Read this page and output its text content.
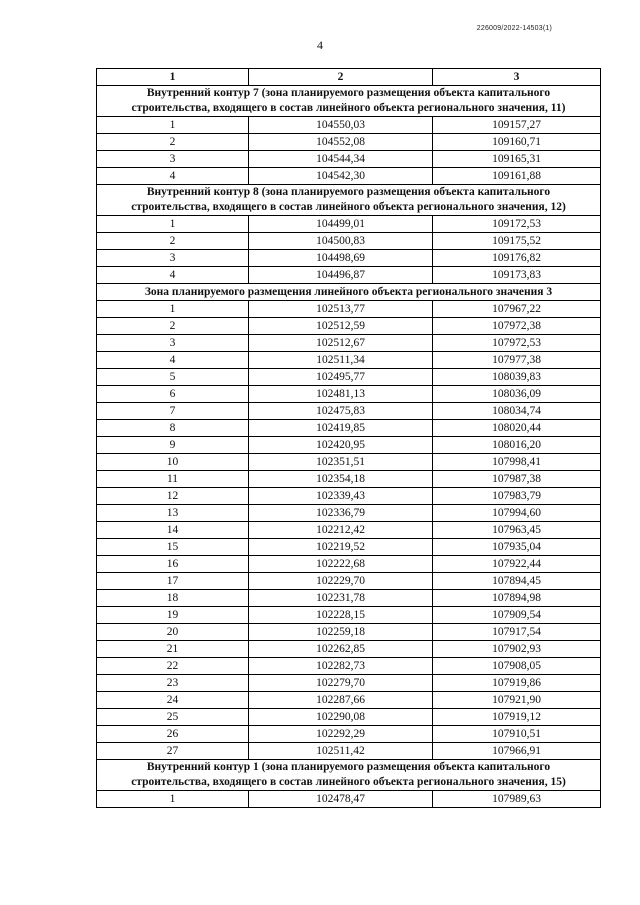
226009/2022-14503(1)
4
1	2	3
Внутренний контур 7 (зона планируемого размещения объекта капитального
строительства, входящего в состав линейного объекта регионального значения, 11)		
1	104550,03	109157,27
2	104552,08	109160,71
3	104544,34	109165,31
4	104542,30	109161,88
Внутренний контур 8 (зона планируемого размещения объекта капитального
строительства, входящего в состав линейного объекта регионального значения, 12)		
1	104499,01	109172,53
2	104500,83	109175,52
3	104498,69	109176,82
4	104496,87	109173,83
Зона планируемого размещения линейного объекта регионального значения 3		
1	102513,77	107967,22
2	102512,59	107972,38
3	102512,67	107972,53
4	102511,34	107977,38
5	102495,77	108039,83
6	102481,13	108036,09
7	102475,83	108034,74
8	102419,85	108020,44
9	102420,95	108016,20
10	102351,51	107998,41
11	102354,18	107987,38
12	102339,43	107983,79
13	102336,79	107994,60
14	102212,42	107963,45
15	102219,52	107935,04
16	102222,68	107922,44
17	102229,70	107894,45
18	102231,78	107894,98
19	102228,15	107909,54
20	102259,18	107917,54
21	102262,85	107902,93
22	102282,73	107908,05
23	102279,70	107919,86
24	102287,66	107921,90
25	102290,08	107919,12
26	102292,29	107910,51
27	102511,42	107966,91
Внутренний контур 1 (зона планируемого размещения объекта капитального
строительства, входящего в состав линейного объекта регионального значения, 15)		
1	102478,47	107989,63
